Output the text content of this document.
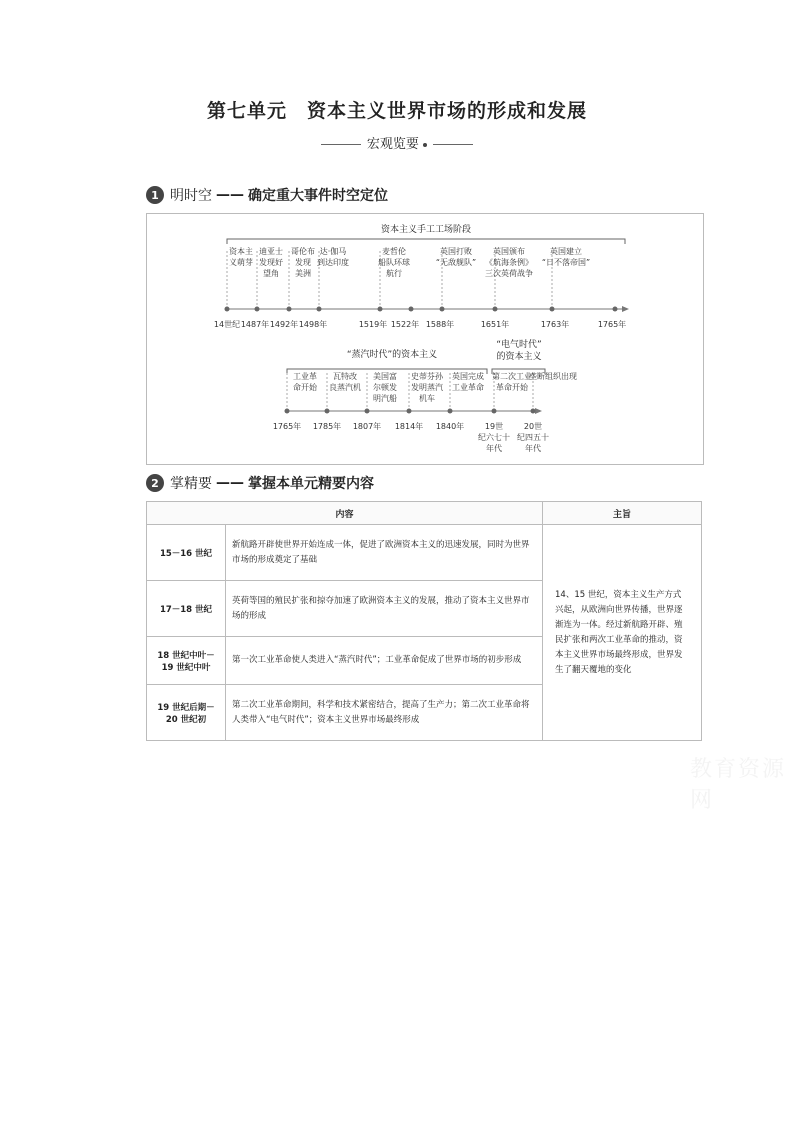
第七单元　资本主义世界市场的形成和发展
宏观览要
1 明时空 —— 确定重大事件时空定位
资本主义手工工场阶段
14世纪
资本主
义萌芽
1487年
迪亚士
发现好
望角
1492年
哥伦布
发现
美洲
1498年
达·伽马
到达印度
1519年
麦哲伦
船队环球
航行
1522年 1588年
英国打败
“无敌舰队”
1651年
英国颁布
《航海条例》
三次英荷战争
1763年
英国建立
“日不落帝国”
1765年
“蒸汽时代”的资本主义
“电气时代”
的资本主义
1765年
工业革
命开始
1785年
瓦特改
良蒸汽机
1807年
美国富
尔顿发
明汽船
1814年
史蒂芬孙
发明蒸汽
机车
1840年
英国完成
工业革命
19世
纪六七十
年代
第二次工业
革命开始
20世
纪四五十
年代
垄断组织出现
2 掌精要 —— 掌握本单元精要内容
内容		主旨
15－16 世纪	新航路开辟使世界开始连成一体，促进了欧洲资本主义的迅速发展，同时为世界市场的形成奠定了基础	14、15 世纪，资本主义生产方式兴起，从欧洲向世界传播，世界逐渐连为一体。经过新航路开辟、殖民扩张和两次工业革命的推动，资本主义世界市场最终形成，世界发生了翻天覆地的变化
17－18 世纪	英荷等国的殖民扩张和掠夺加速了欧洲资本主义的发展，推动了资本主义世界市场的形成	
18 世纪中叶－19 世纪中叶	第一次工业革命使人类进入“蒸汽时代”；工业革命促成了世界市场的初步形成	
19 世纪后期－20 世纪初	第二次工业革命期间，科学和技术紧密结合，提高了生产力；第二次工业革命将人类带入“电气时代”；资本主义世界市场最终形成	
教育资源网
